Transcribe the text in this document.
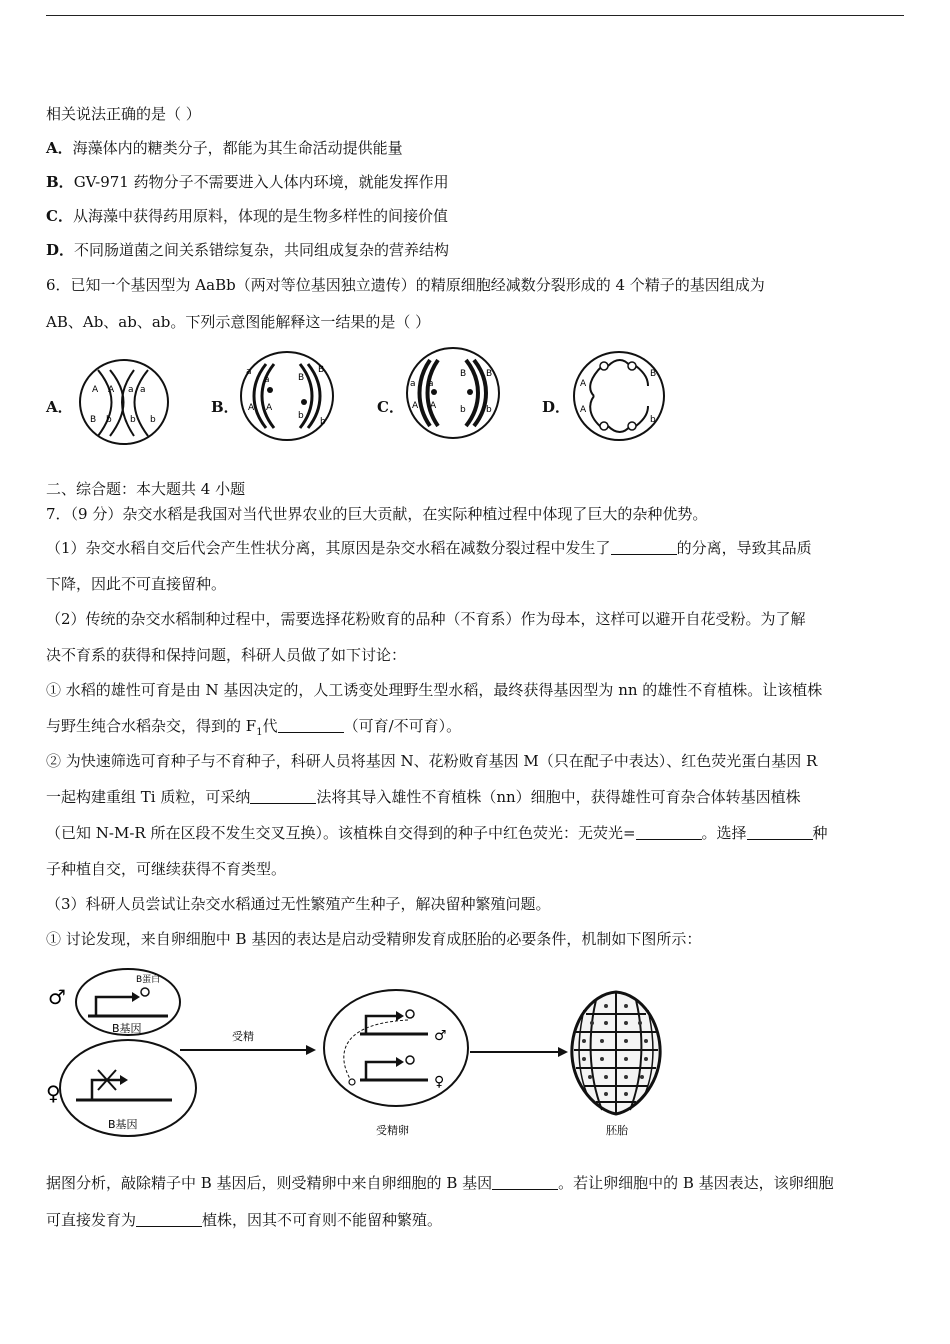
相关说法正确的是（ ）
A．海藻体内的糖类分子，都能为其生命活动提供能量
B．GV-971 药物分子不需要进入人体内环境，就能发挥作用
C．从海藻中获得药用原料，体现的是生物多样性的间接价值
D．不同肠道菌之间关系错综复杂，共同组成复杂的营养结构
6．已知一个基因型为 AaBb（两对等位基因独立遗传）的精原细胞经减数分裂形成的 4 个精子的基因组成为
AB、Ab、ab、ab。下列示意图能解释这一结果的是（ ）
A．	B．	C．	D．
A A a a
B b b b
a
a
A A
B
B
b
b
a a
A A
B B
b b
A
A
B
b
二、综合题：本大题共 4 小题
7．（9 分）杂交水稻是我国对当代世界农业的巨大贡献，在实际种植过程中体现了巨大的杂种优势。
（1）杂交水稻自交后代会产生性状分离，其原因是杂交水稻在减数分裂过程中发生了	的分离，导致其品质
下降，因此不可直接留种。
（2）传统的杂交水稻制种过程中，需要选择花粉败育的品种（不育系）作为母本，这样可以避开自花受粉。为了解
决不育系的获得和保持问题，科研人员做了如下讨论：
① 水稻的雄性可育是由 N 基因决定的，人工诱变处理野生型水稻，最终获得基因型为 nn 的雄性不育植株。让该植株
与野生纯合水稻杂交，得到的 $F_1$代	（可育/不可育）。
② 为快速筛选可育种子与不育种子，科研人员将基因 N、花粉败育基因 M（只在配子中表达）、红色荧光蛋白基因 R
一起构建重组 Ti 质粒，可采纳	法将其导入雄性不育植株（nn）细胞中，获得雄性可育杂合体转基因植株
（已知 N-M-R 所在区段不发生交叉互换）。该植株自交得到的种子中红色荧光：无荧光=	。选择	种
子种植自交，可继续获得不育类型。
（3）科研人员尝试让杂交水稻通过无性繁殖产生种子，解决留种繁殖问题。
① 讨论发现，来自卵细胞中 B 基因的表达是启动受精卵发育成胚胎的必要条件，机制如下图所示：
♂
B蛋白
B基因
♀
B基因
受精	♂
♀
受精卵	胚胎
据图分析，敲除精子中 B 基因后，则受精卵中来自卵细胞的 B 基因	。若让卵细胞中的 B 基因表达，该卵细胞
可直接发育为	植株，因其不可育则不能留种繁殖。
